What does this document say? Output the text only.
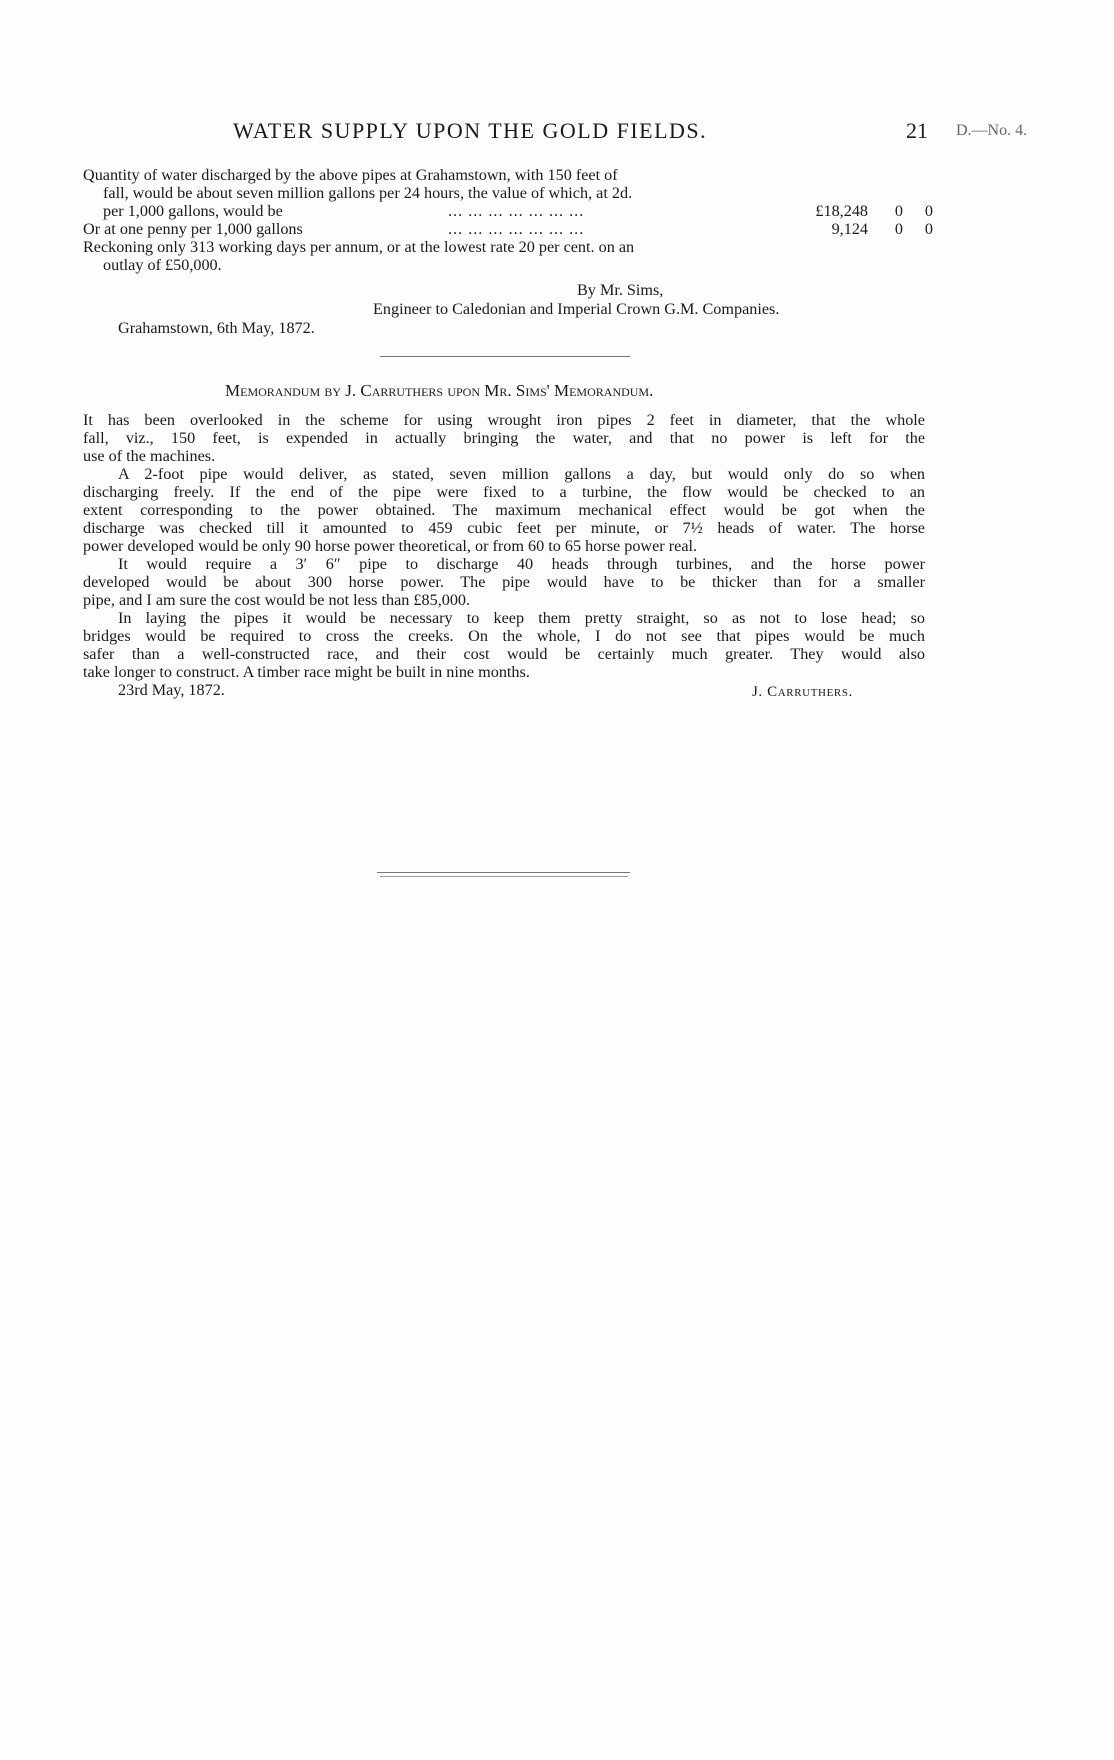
WATER SUPPLY UPON THE GOLD FIELDS.	21 D.—No. 4.
Quantity of water discharged by the above pipes at Grahamstown, with 150 feet of
fall, would be about seven million gallons per 24 hours, the value of which, at 2d.
per 1,000 gallons, would be	... ... ... ... ... ... ...	£18,248 0 0
Or at one penny per 1,000 gallons	... ... ... ... ... ... ...	9,124 0 0
Reckoning only 313 working days per annum, or at the lowest rate 20 per cent. on an
outlay of £50,000.
By Mr. Sims,
Engineer to Caledonian and Imperial Crown G.M. Companies.
Grahamstown, 6th May, 1872.
Memorandum by J. Carruthers upon Mr. Sims' Memorandum.
It has been overlooked in the scheme for using wrought iron pipes 2 feet in diameter, that the whole
fall, viz., 150 feet, is expended in actually bringing the water, and that no power is left for the
use of the machines.
A 2-foot pipe would deliver, as stated, seven million gallons a day, but would only do so when
discharging freely. If the end of the pipe were fixed to a turbine, the flow would be checked to an
extent corresponding to the power obtained. The maximum mechanical effect would be got when the
discharge was checked till it amounted to 459 cubic feet per minute, or 7½ heads of water. The horse
power developed would be only 90 horse power theoretical, or from 60 to 65 horse power real.
It would require a 3′ 6″ pipe to discharge 40 heads through turbines, and the horse power
developed would be about 300 horse power. The pipe would have to be thicker than for a smaller
pipe, and I am sure the cost would be not less than £85,000.
In laying the pipes it would be necessary to keep them pretty straight, so as not to lose head; so
bridges would be required to cross the creeks. On the whole, I do not see that pipes would be much
safer than a well-constructed race, and their cost would be certainly much greater. They would also
take longer to construct. A timber race might be built in nine months.
23rd May, 1872.	J. Carruthers.
